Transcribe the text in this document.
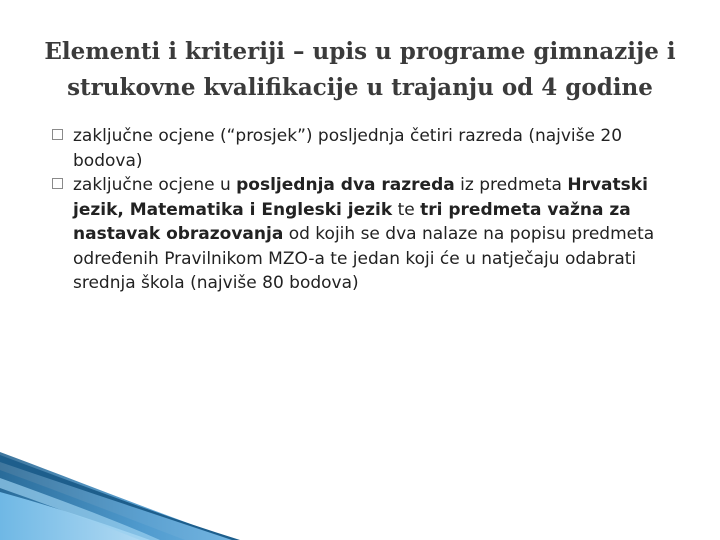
Elementi i kriteriji – upis u programe gimnazije i
strukovne kvalifikacije u trajanju od 4 godine
zaključne ocjene (“prosjek”) posljednja četiri razreda (najviše 20 bodova)
zaključne ocjene u posljednja dva razreda iz predmeta Hrvatski jezik, Matematika i Engleski jezik te tri predmeta važna za nastavak obrazovanja od kojih se dva nalaze na popisu predmeta određenih Pravilnikom MZO-a te jedan koji će u natječaju odabrati srednja škola (najviše 80 bodova)
